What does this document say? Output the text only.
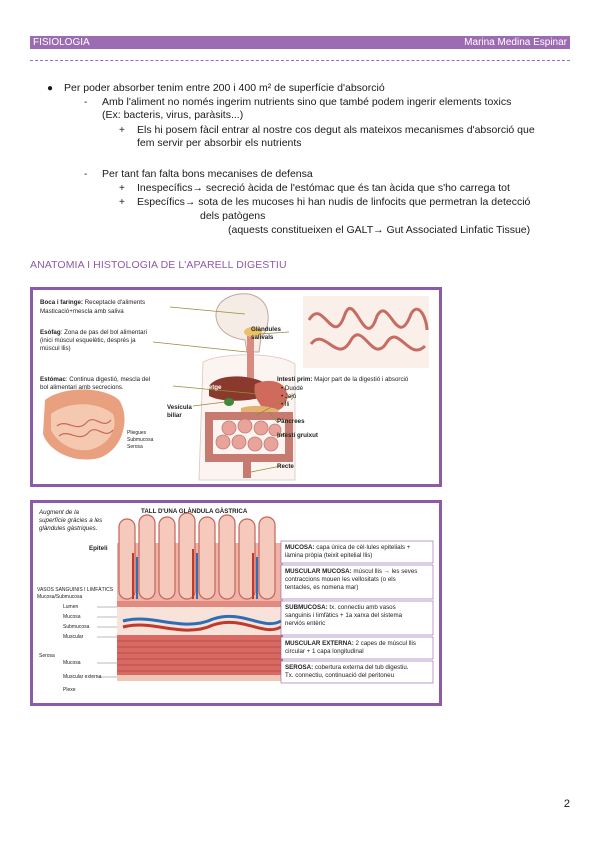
FISIOLOGIA	Marina Medina Espinar
● Per poder absorber tenim entre 200 i 400 m² de superfície d'absorció
- Amb l'aliment no només ingerim nutrients sino que també podem ingerir elements toxics
(Ex: bacteris, virus, paràsits...)
+ Els hi posem fàcil entrar al nostre cos degut als mateixos mecanismes d'absorció que
fem servir per absorbir els nutrients
- Per tant fan falta bons mecanises de defensa
+ Inespecífics→ secreció àcida de l'estómac que és tan àcida que s'ho carrega tot
+ Específics→ sota de les mucoses hi han nudis de linfocits que permetran la detecció
dels patògens
(aquests constitueixen el GALT→ Gut Associated Linfatic Tissue)
ANATOMIA I HISTOLOGIA DE L'APARELL DIGESTIU
Boca i faringe: Receptacle d'aliments
Masticació+mescla amb saliva
Esòfag: Zona de pas del bol alimentari
(inici múscul esquelètic, després ja
múscul llis)
Estómac: Continua digestió, mescla del
bol alimentari amb secrecions.
Glàndules
salivals
Fetge
Vesícula
biliar
Intestí prim: Major part de la digestió i absorció
• Duodè
• Jejú
• Íli
Pàncrees
Intestí gruixut
Recte
Pliegues
Submucosa
Serosa
Augment de la
superfície gràcies a les
glàndules gàstriques.
TALL D'UNA GLÀNDULA GÀSTRICA
Epiteli
VASOS SANGUINIS I LIMFÀTICS
Mucosa/Submucosa
Lumen
Mucosa
Submucosa
Muscular
Serosa
Mucosa
Muscular externa
Plexe
MUCOSA: capa única de cèl·lules epitelials +
làmina pròpia (teixit epitelial llis)
MUSCULAR MUCOSA: múscul llis → les seves
contraccions mouen les vellositats (o els
tentacles, es nomena mar)
SUBMUCOSA: tx. connectiu amb vasos
sanguinis i limfàtics + 1a xarxa del sistema
nerviós entèric
MUSCULAR EXTERNA: 2 capes de múscul llis
circular + 1 capa longitudinal
SEROSA: cobertura externa del tub digestiu.
Tx. connectiu, continuació del peritoneu
2
